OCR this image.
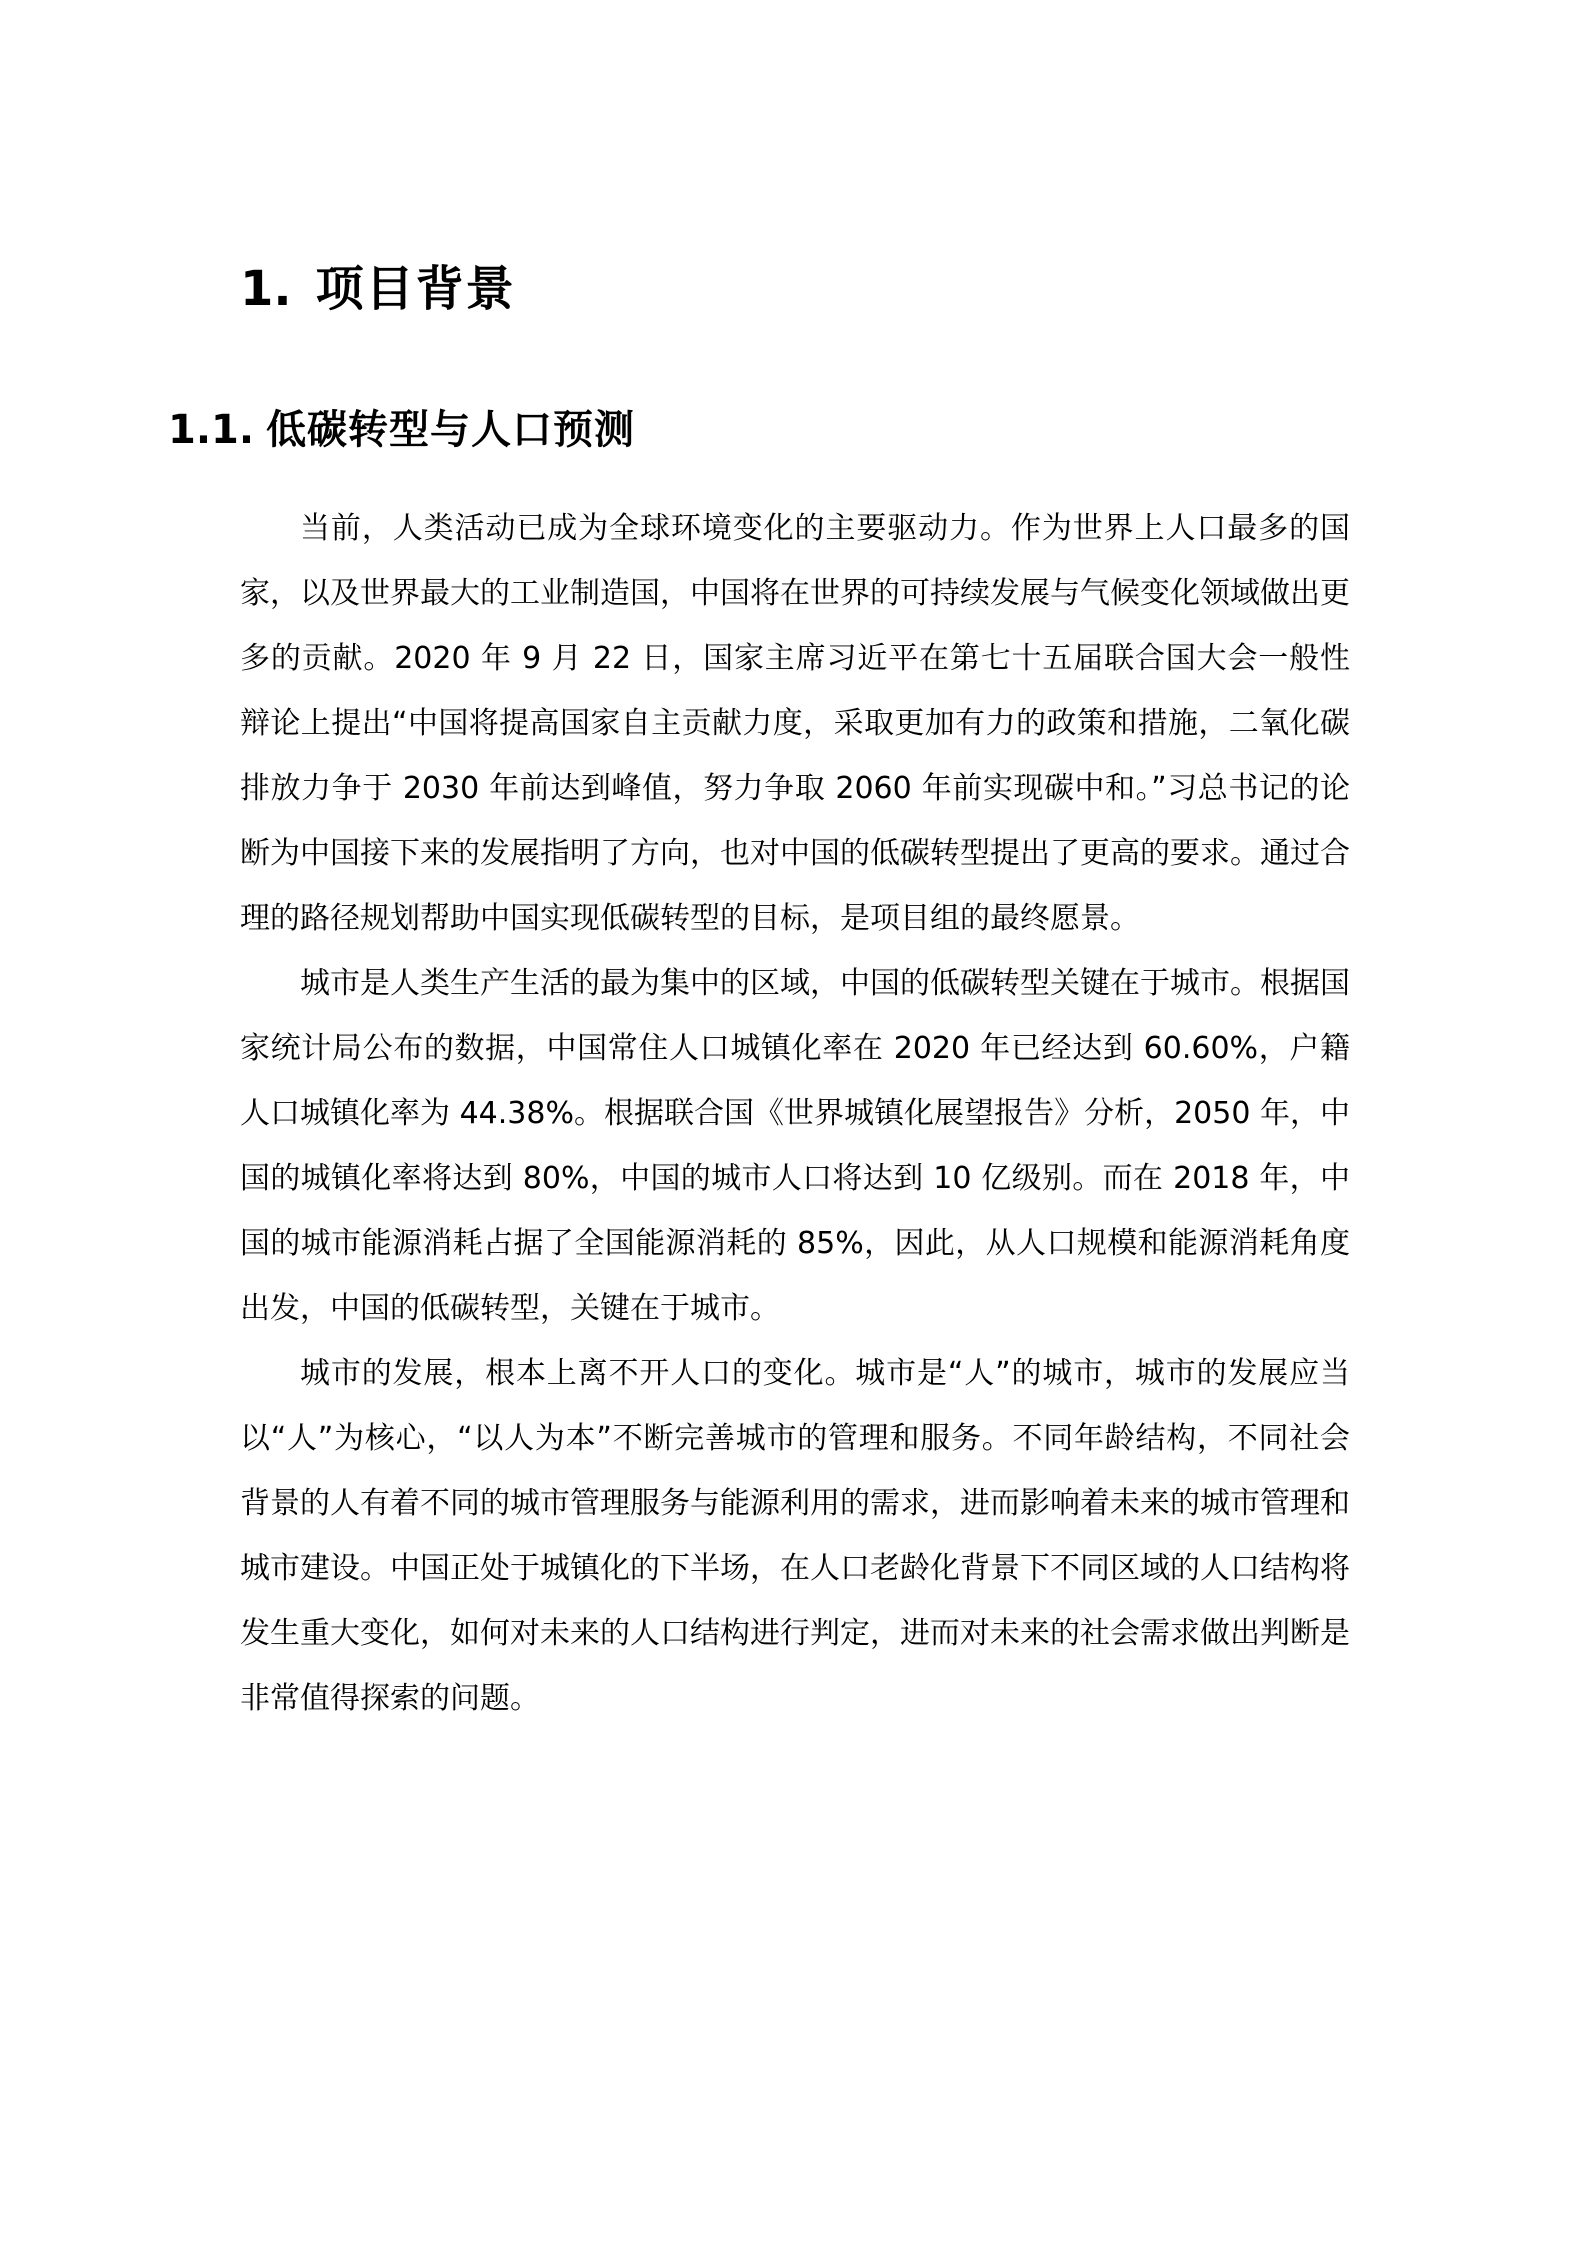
1. 项目背景
1.1. 低碳转型与人口预测

当前，人类活动已成为全球环境变化的主要驱动力。作为世界上人口最多的国家，以及世界最大的工业制造国，中国将在世界的可持续发展与气候变化领域做出更多的贡献。2020 年 9 月 22 日，国家主席习近平在第七十五届联合国大会一般性辩论上提出“中国将提高国家自主贡献力度，采取更加有力的政策和措施，二氧化碳排放力争于 2030 年前达到峰值，努力争取 2060 年前实现碳中和。”习总书记的论断为中国接下来的发展指明了方向，也对中国的低碳转型提出了更高的要求。通过合理的路径规划帮助中国实现低碳转型的目标，是项目组的最终愿景。

城市是人类生产生活的最为集中的区域，中国的低碳转型关键在于城市。根据国家统计局公布的数据，中国常住人口城镇化率在 2020 年已经达到 60.60%，户籍人口城镇化率为 44.38%。根据联合国《世界城镇化展望报告》分析，2050 年，中国的城镇化率将达到 80%，中国的城市人口将达到 10 亿级别。而在 2018 年，中国的城市能源消耗占据了全国能源消耗的 85%，因此，从人口规模和能源消耗角度出发，中国的低碳转型，关键在于城市。

城市的发展，根本上离不开人口的变化。城市是“人”的城市，城市的发展应当以“人”为核心，“以人为本”不断完善城市的管理和服务。不同年龄结构，不同社会背景的人有着不同的城市管理服务与能源利用的需求，进而影响着未来的城市管理和城市建设。中国正处于城镇化的下半场，在人口老龄化背景下不同区域的人口结构将发生重大变化，如何对未来的人口结构进行判定，进而对未来的社会需求做出判断是非常值得探索的问题。
